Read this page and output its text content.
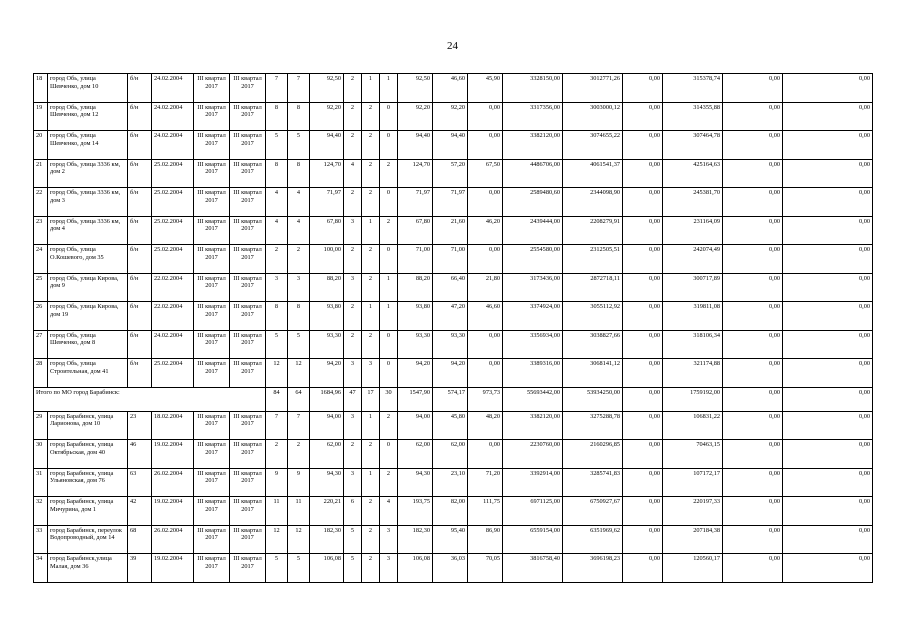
24
18	город Обь, улица Шевченко, дом 10	б/н	24.02.2004	III квартал 2017	III квартал 2017	7	7	92,50	2	1	1	92,50	46,60	45,90	3328150,00	3012771,26	0,00	315378,74	0,00	0,00
19	город Обь, улица Шевченко, дом 12	б/н	24.02.2004	III квартал 2017	III квартал 2017	8	8	92,20	2	2	0	92,20	92,20	0,00	3317356,00	3003000,12	0,00	314355,88	0,00	0,00
20	город Обь, улица Шевченко, дом 14	б/н	24.02.2004	III квартал 2017	III квартал 2017	5	5	94,40	2	2	0	94,40	94,40	0,00	3382120,00	3074655,22	0,00	307464,78	0,00	0,00
21	город Обь, улица 3336 км, дом 2	б/н	25.02.2004	III квартал 2017	III квартал 2017	8	8	124,70	4	2	2	124,70	57,20	67,50	4486706,00	4061541,37	0,00	425164,63	0,00	0,00
22	город Обь, улица 3336 км, дом 3	б/н	25.02.2004	III квартал 2017	III квартал 2017	4	4	71,97	2	2	0	71,97	71,97	0,00	2589480,60	2344098,90	0,00	245381,70	0,00	0,00
23	город Обь, улица 3336 км, дом 4	б/н	25.02.2004	III квартал 2017	III квартал 2017	4	4	67,80	3	1	2	67,80	21,60	46,20	2439444,00	2208279,91	0,00	231164,09	0,00	0,00
24	город Обь, улица О.Кошевого, дом 35	б/н	25.02.2004	III квартал 2017	III квартал 2017	2	2	100,00	2	2	0	71,00	71,00	0,00	2554580,00	2312505,51	0,00	242074,49	0,00	0,00
25	город Обь, улица Кирова, дом 9	б/н	22.02.2004	III квартал 2017	III квартал 2017	3	3	88,20	3	2	1	88,20	66,40	21,80	3173436,00	2872718,11	0,00	300717,89	0,00	0,00
26	город Обь, улица Кирова, дом 19	б/н	22.02.2004	III квартал 2017	III квартал 2017	8	8	93,80	2	1	1	93,80	47,20	46,60	3374924,00	3055112,92	0,00	319811,08	0,00	0,00
27	город Обь, улица Шевченко, дом 8	б/н	24.02.2004	III квартал 2017	III квартал 2017	5	5	93,30	2	2	0	93,30	93,30	0,00	3356934,00	3038827,66	0,00	318106,34	0,00	0,00
28	город Обь, улица Строительная, дом 41	б/н	25.02.2004	III квартал 2017	III квартал 2017	12	12	94,20	3	3	0	94,20	94,20	0,00	3389316,00	3068141,12	0,00	321174,88	0,00	0,00
Итого по МО город Барабинск:						84	64	1684,96	47	17	30	1547,90	574,17	973,73	55693442,00	53934250,00	0,00	1759192,00	0,00	0,00
29	город Барабинск, улица Ларионова, дом 10	23	18.02.2004	III квартал 2017	III квартал 2017	7	7	94,00	3	1	2	94,00	45,80	48,20	3382120,00	3275288,78	0,00	106831,22	0,00	0,00
30	город Барабинск, улица Октябрьская, дом 40	46	19.02.2004	III квартал 2017	III квартал 2017	2	2	62,00	2	2	0	62,00	62,00	0,00	2230760,00	2160296,85	0,00	70463,15	0,00	0,00
31	город Барабинск, улица Ульяновская, дом 76	63	26.02.2004	III квартал 2017	III квартал 2017	9	9	94,30	3	1	2	94,30	23,10	71,20	3392914,00	3285741,83	0,00	107172,17	0,00	0,00
32	город Барабинск, улица Мичурина, дом 1	42	19.02.2004	III квартал 2017	III квартал 2017	11	11	220,21	6	2	4	193,75	82,00	111,75	6971125,00	6750927,67	0,00	220197,33	0,00	0,00
33	город Барабинск, переулок Водопроводный, дом 14	68	26.02.2004	III квартал 2017	III квартал 2017	12	12	182,30	5	2	3	182,30	95,40	86,90	6559154,00	6351969,62	0,00	207184,38	0,00	0,00
34	город Барабинск,улица Малая, дом 36	39	19.02.2004	III квартал 2017	III квартал 2017	5	5	106,08	5	2	3	106,08	36,03	70,05	3816758,40	3696198,23	0,00	120560,17	0,00	0,00
